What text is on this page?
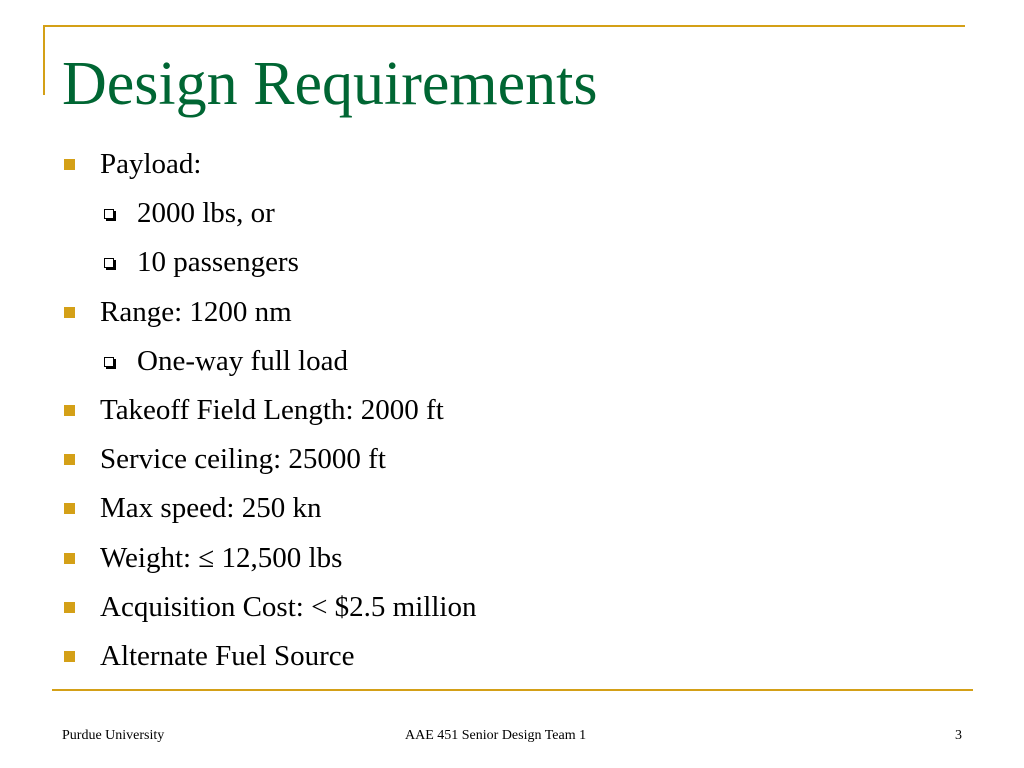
Design Requirements
Payload:
2000 lbs, or
10 passengers
Range: 1200 nm
One-way full load
Takeoff Field Length: 2000 ft
Service ceiling: 25000 ft
Max speed: 250 kn
Weight: ≤ 12,500 lbs
Acquisition Cost: < $2.5 million
Alternate Fuel Source
Purdue University	AAE 451 Senior Design Team 1	3
